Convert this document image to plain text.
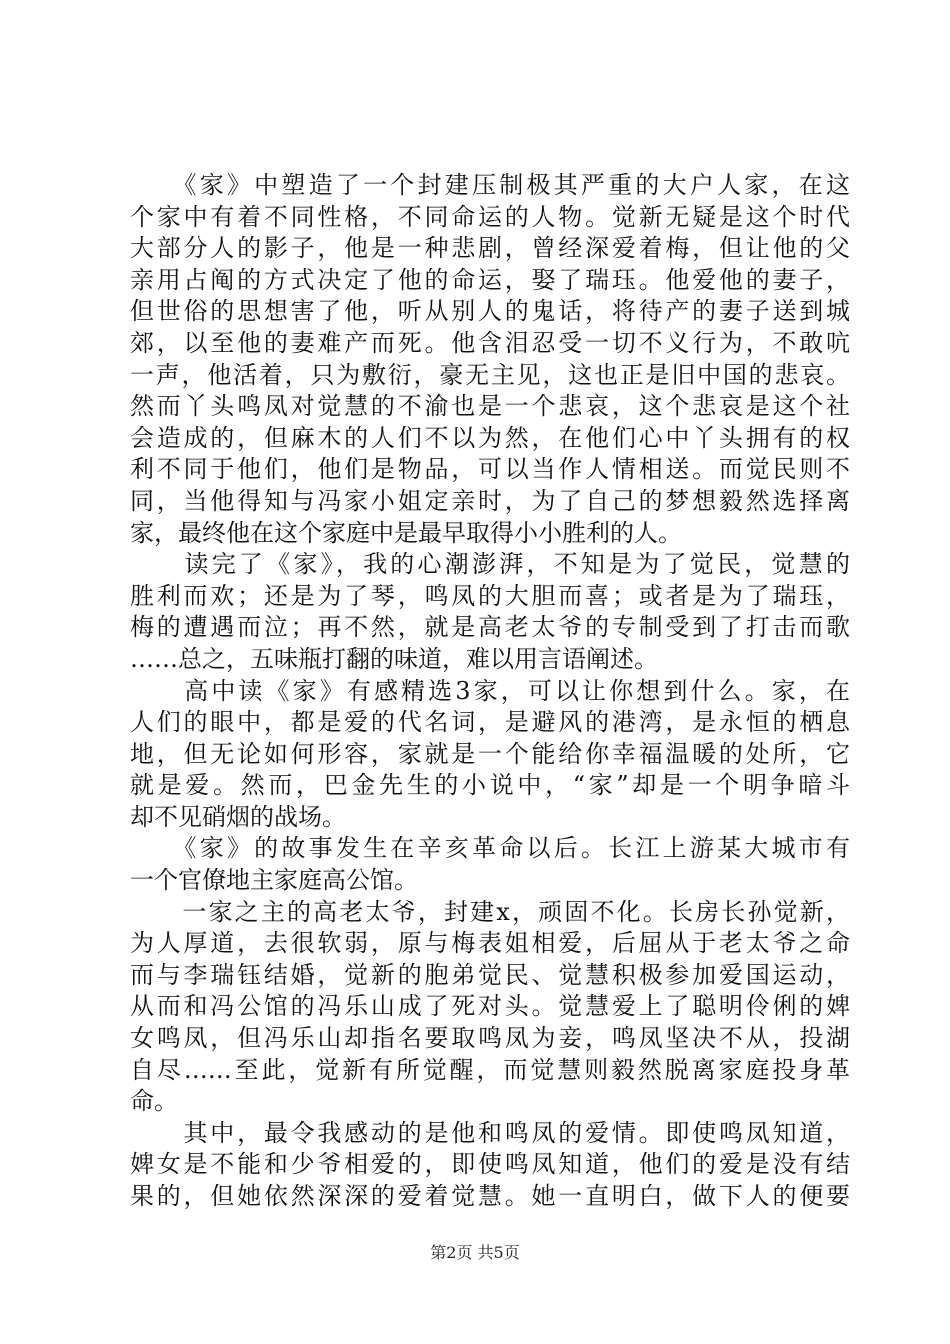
　　《家》中塑造了一个封建压制极其严重的大户人家，在这
个家中有着不同性格，不同命运的人物。觉新无疑是这个时代
大部分人的影子，他是一种悲剧，曾经深爱着梅，但让他的父
亲用占阄的方式决定了他的命运，娶了瑞珏。他爱他的妻子，
但世俗的思想害了他，听从别人的鬼话，将待产的妻子送到城
郊，以至他的妻难产而死。他含泪忍受一切不义行为，不敢吭
一声，他活着，只为敷衍，豪无主见，这也正是旧中国的悲哀。
然而丫头鸣凤对觉慧的不渝也是一个悲哀，这个悲哀是这个社
会造成的，但麻木的人们不以为然，在他们心中丫头拥有的权
利不同于他们，他们是物品，可以当作人情相送。而觉民则不
同，当他得知与冯家小姐定亲时，为了自己的梦想毅然选择离
家，最终他在这个家庭中是最早取得小小胜利的人。
　　读完了《家》，我的心潮澎湃，不知是为了觉民，觉慧的
胜利而欢；还是为了琴，鸣凤的大胆而喜；或者是为了瑞珏，
梅的遭遇而泣；再不然，就是高老太爷的专制受到了打击而歌
……总之，五味瓶打翻的味道，难以用言语阐述。
　　高中读《家》有感精选3家，可以让你想到什么。家，在
人们的眼中，都是爱的代名词，是避风的港湾，是永恒的栖息
地，但无论如何形容，家就是一个能给你幸福温暖的处所，它
就是爱。然而，巴金先生的小说中，“家”却是一个明争暗斗
却不见硝烟的战场。
　　《家》的故事发生在辛亥革命以后。长江上游某大城市有
一个官僚地主家庭高公馆。
　　一家之主的高老太爷，封建x，顽固不化。长房长孙觉新，
为人厚道，去很软弱，原与梅表姐相爱，后屈从于老太爷之命
而与李瑞钰结婚，觉新的胞弟觉民、觉慧积极参加爱国运动，
从而和冯公馆的冯乐山成了死对头。觉慧爱上了聪明伶俐的婢
女鸣凤，但冯乐山却指名要取鸣凤为妾，鸣凤坚决不从，投湖
自尽……至此，觉新有所觉醒，而觉慧则毅然脱离家庭投身革
命。
　　其中，最令我感动的是他和鸣凤的爱情。即使鸣凤知道，
婢女是不能和少爷相爱的，即使鸣凤知道，他们的爱是没有结
果的，但她依然深深的爱着觉慧。她一直明白，做下人的便要
第2页 共5页
